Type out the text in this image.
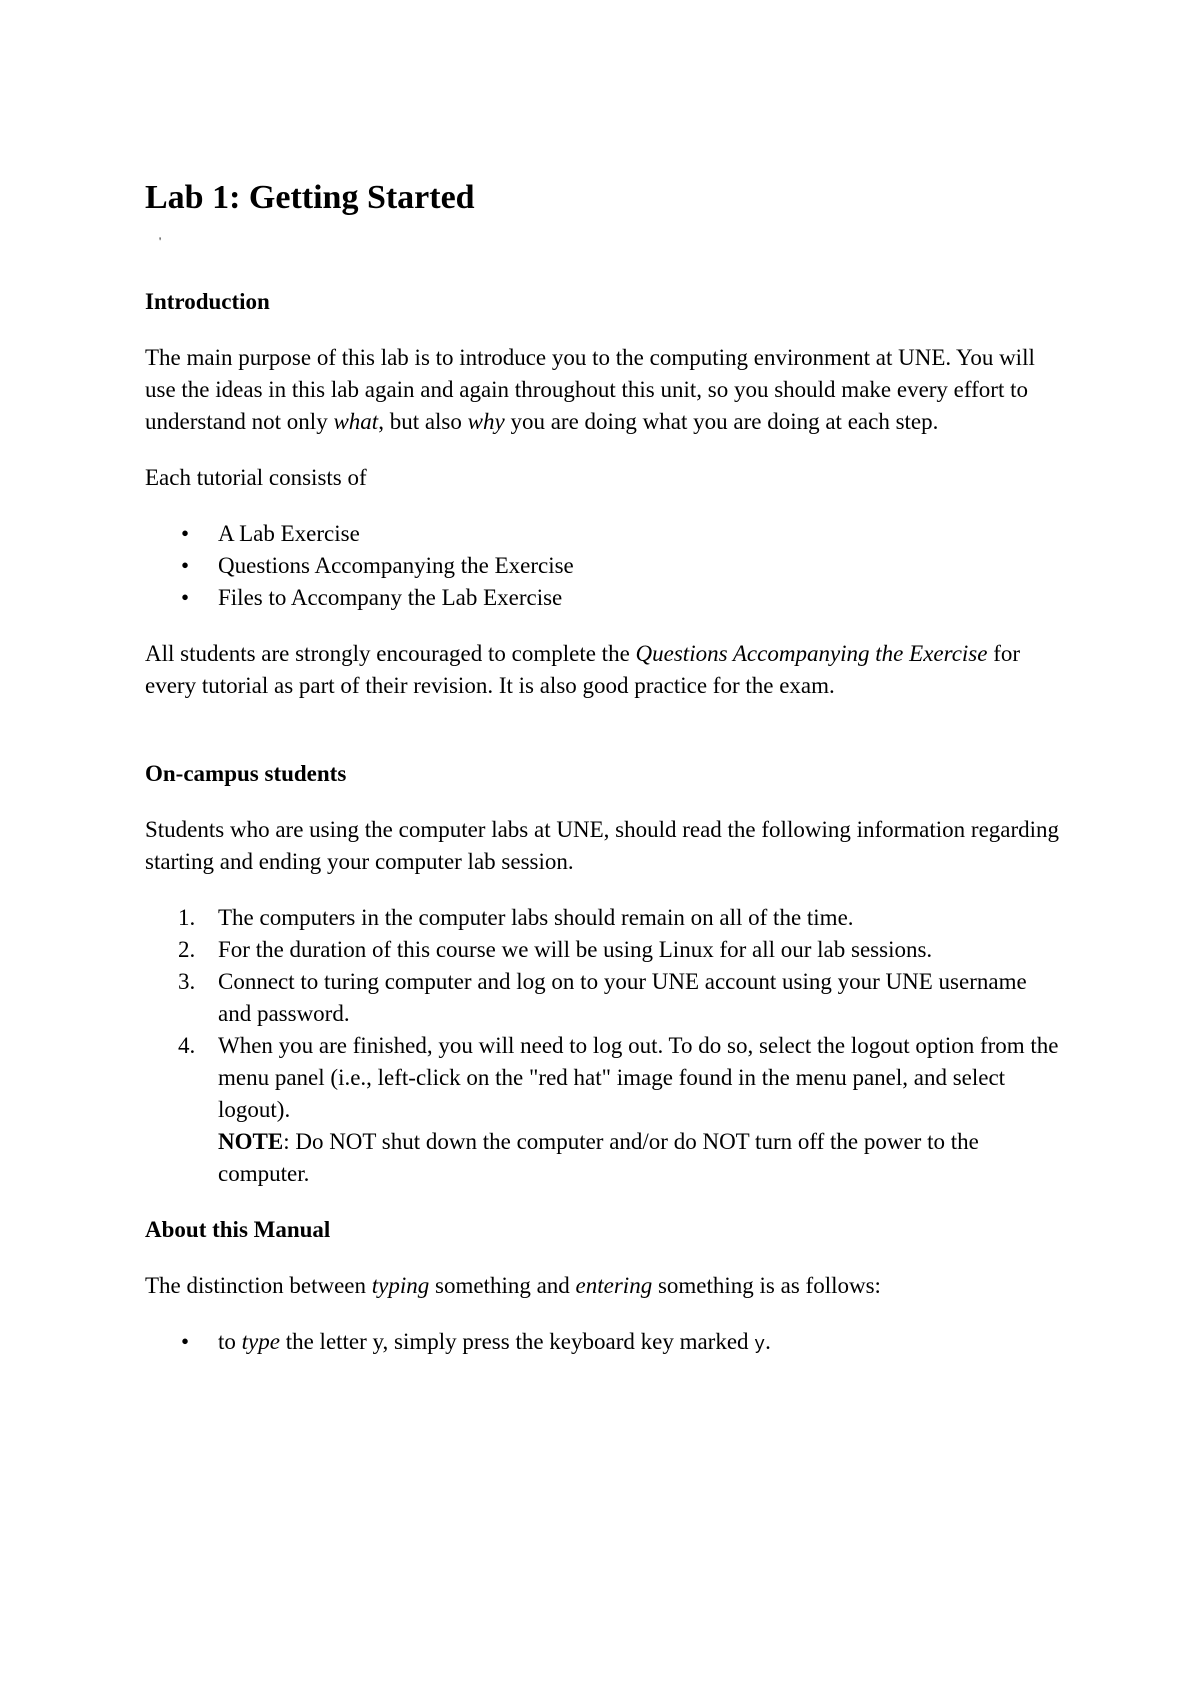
Lab 1: Getting Started
'
Introduction

The main purpose of this lab is to introduce you to the computing environment at UNE. You will use the ideas in this lab again and again throughout this unit, so you should make every effort to understand not only what, but also why you are doing what you are doing at each step.

Each tutorial consists of

• A Lab Exercise
• Questions Accompanying the Exercise
• Files to Accompany the Lab Exercise

All students are strongly encouraged to complete the Questions Accompanying the Exercise for every tutorial as part of their revision. It is also good practice for the exam.

On-campus students

Students who are using the computer labs at UNE, should read the following information regarding starting and ending your computer lab session.

1. The computers in the computer labs should remain on all of the time.
2. For the duration of this course we will be using Linux for all our lab sessions.
3. Connect to turing computer and log on to your UNE account using your UNE username and password.
4. When you are finished, you will need to log out. To do so, select the logout option from the menu panel (i.e., left-click on the "red hat" image found in the menu panel, and select logout).
NOTE: Do NOT shut down the computer and/or do NOT turn off the power to the computer.
About this Manual

The distinction between typing something and entering something is as follows:

• to type the letter y, simply press the keyboard key marked y.
